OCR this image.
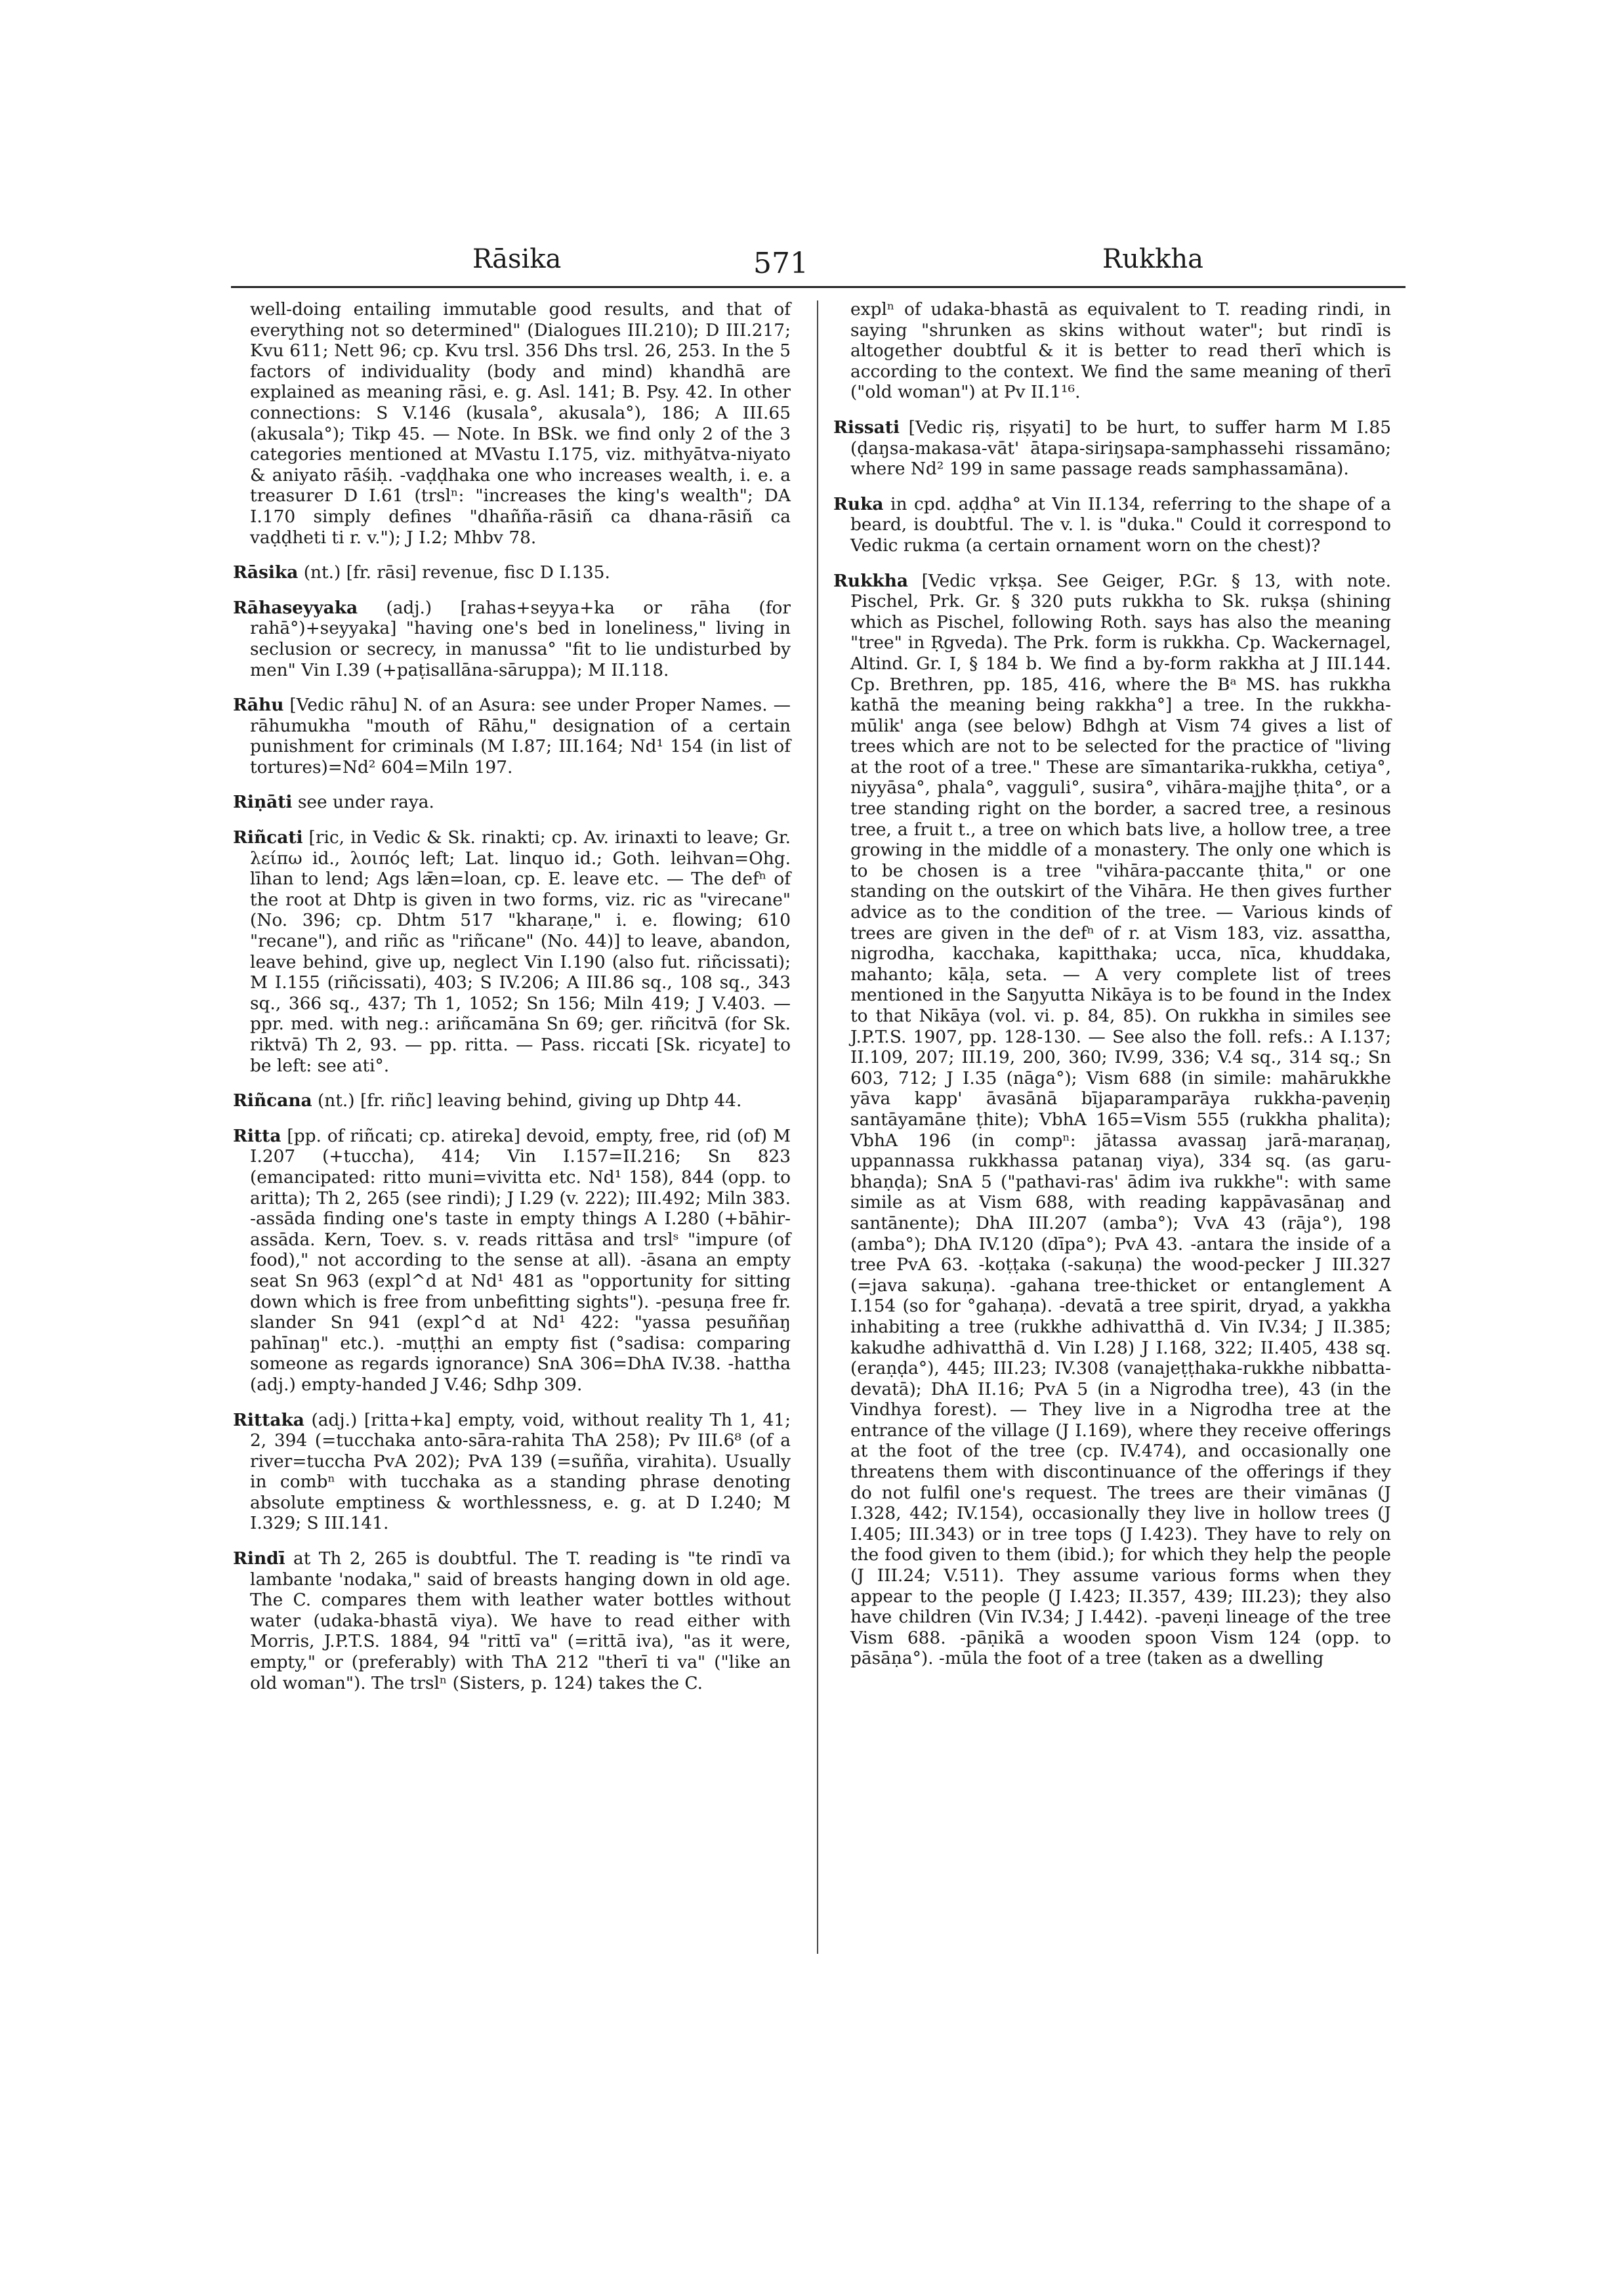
Rāsika	571	Rukkha

well-doing entailing immutable good results, and that of everything not so determined" (Dialogues III.210); D III.217; Kvu 611; Nett 96; cp. Kvu trsl. 356 Dhs trsl. 26, 253. In the 5 factors of individuality (body and mind) khandhā are explained as meaning rāsi, e. g. Asl. 141; B. Psy. 42. In other connections: S V.146 (kusala°, akusala°), 186; A III.65 (akusala°); Tikp 45. — Note. In BSk. we find only 2 of the 3 categories mentioned at MVastu I.175, viz. mithyātva-niyato & aniyato rāśiḥ. -vaḍḍhaka one who increases wealth, i. e. a treasurer D I.61 (trslⁿ: "increases the king's wealth"; DA I.170 simply defines "dhañña-rāsiñ ca dhana-rāsiñ ca vaḍḍheti ti r. v."); J I.2; Mhbv 78.

Rāsika (nt.) [fr. rāsi] revenue, fisc D I.135.

Rāhaseyyaka (adj.) [rahas+seyya+ka or rāha (for rahā°)+seyyaka] "having one's bed in loneliness," living in seclusion or secrecy, in manussa° "fit to lie undisturbed by men" Vin I.39 (+paṭisallāna-sāruppa); M II.118.

Rāhu [Vedic rāhu] N. of an Asura: see under Proper Names. —rāhumukha "mouth of Rāhu," designation of a certain punishment for criminals (M I.87; III.164; Nd¹ 154 (in list of tortures)=Nd² 604=Miln 197.

Riṇāti see under raya.

Riñcati [ric, in Vedic & Sk. rinakti; cp. Av. irinaxti to leave; Gr. λείπω id., λοιπός left; Lat. linquo id.; Goth. leihvan=Ohg. līhan to lend; Ags lǣn=loan, cp. E. leave etc. — The defⁿ of the root at Dhtp is given in two forms, viz. ric as "virecane" (No. 396; cp. Dhtm 517 "kharaṇe," i. e. flowing; 610 "recane"), and riñc as "riñcane" (No. 44)] to leave, abandon, leave behind, give up, neglect Vin I.190 (also fut. riñcissati); M I.155 (riñcissati), 403; S IV.206; A III.86 sq., 108 sq., 343 sq., 366 sq., 437; Th 1, 1052; Sn 156; Miln 419; J V.403. — ppr. med. with neg.: ariñcamāna Sn 69; ger. riñcitvā (for Sk. riktvā) Th 2, 93. — pp. ritta. — Pass. riccati [Sk. ricyate] to be left: see ati°.

Riñcana (nt.) [fr. riñc] leaving behind, giving up Dhtp 44.

Ritta [pp. of riñcati; cp. atireka] devoid, empty, free, rid (of) M I.207 (+tuccha), 414; Vin I.157=II.216; Sn 823 (emancipated: ritto muni=vivitta etc. Nd¹ 158), 844 (opp. to aritta); Th 2, 265 (see rindi); J I.29 (v. 222); III.492; Miln 383. -assāda finding one's taste in empty things A I.280 (+bāhir-assāda. Kern, Toev. s. v. reads rittāsa and trslˢ "impure (of food)," not according to the sense at all). -āsana an empty seat Sn 963 (expl^d at Nd¹ 481 as "opportunity for sitting down which is free from unbefitting sights"). -pesuṇa free fr. slander Sn 941 (expl^d at Nd¹ 422: "yassa pesuññaŋ pahīnaŋ" etc.). -muṭṭhi an empty fist (°sadisa: comparing someone as regards ignorance) SnA 306=DhA IV.38. -hattha (adj.) empty-handed J V.46; Sdhp 309.

Rittaka (adj.) [ritta+ka] empty, void, without reality Th 1, 41; 2, 394 (=tucchaka anto-sāra-rahita ThA 258); Pv III.6⁸ (of a river=tuccha PvA 202); PvA 139 (=suñña, virahita). Usually in combⁿ with tucchaka as a standing phrase denoting absolute emptiness & worthlessness, e. g. at D I.240; M I.329; S III.141.

Rindī at Th 2, 265 is doubtful. The T. reading is "te rindī va lambante 'nodaka," said of breasts hanging down in old age. The C. compares them with leather water bottles without water (udaka-bhastā viya). We have to read either with Morris, J.P.T.S. 1884, 94 "rittī va" (=rittā iva), "as it were, empty," or (preferably) with ThA 212 "therī ti va" ("like an old woman"). The trslⁿ (Sisters, p. 124) takes the C.

explⁿ of udaka-bhastā as equivalent to T. reading rindi, in saying "shrunken as skins without water"; but rindī is altogether doubtful & it is better to read therī which is according to the context. We find the same meaning of therī ("old woman") at Pv II.1¹⁶.

Rissati [Vedic riṣ, riṣyati] to be hurt, to suffer harm M I.85 (ḍaŋsa-makasa-vāt' ātapa-siriŋsapa-samphassehi rissamāno; where Nd² 199 in same passage reads samphassamāna).

Ruka in cpd. aḍḍha° at Vin II.134, referring to the shape of a beard, is doubtful. The v. l. is "duka." Could it correspond to Vedic rukma (a certain ornament worn on the chest)?

Rukkha [Vedic vṛkṣa. See Geiger, P.Gr. § 13, with note. Pischel, Prk. Gr. § 320 puts rukkha to Sk. rukṣa (shining which as Pischel, following Roth. says has also the meaning "tree" in Ṛgveda). The Prk. form is rukkha. Cp. Wackernagel, Altind. Gr. I, § 184 b. We find a by-form rakkha at J III.144. Cp. Brethren, pp. 185, 416, where the Bᵃ MS. has rukkha kathā the meaning being rakkha°] a tree. In the rukkha-mūlik' anga (see below) Bdhgh at Vism 74 gives a list of trees which are not to be selected for the practice of "living at the root of a tree." These are sīmantarika-rukkha, cetiya°, niyyāsa°, phala°, vagguli°, susira°, vihāra-majjhe ṭhita°, or a tree standing right on the border, a sacred tree, a resinous tree, a fruit t., a tree on which bats live, a hollow tree, a tree growing in the middle of a monastery. The only one which is to be chosen is a tree "vihāra-paccante ṭhita," or one standing on the outskirt of the Vihāra. He then gives further advice as to the condition of the tree. — Various kinds of trees are given in the defⁿ of r. at Vism 183, viz. assattha, nigrodha, kacchaka, kapitthaka; ucca, nīca, khuddaka, mahanto; kāḷa, seta. — A very complete list of trees mentioned in the Saŋyutta Nikāya is to be found in the Index to that Nikāya (vol. vi. p. 84, 85). On rukkha in similes see J.P.T.S. 1907, pp. 128-130. — See also the foll. refs.: A I.137; II.109, 207; III.19, 200, 360; IV.99, 336; V.4 sq., 314 sq.; Sn 603, 712; J I.35 (nāga°); Vism 688 (in simile: mahārukkhe yāva kapp' āvasānā bījaparamparāya rukkha-paveṇiŋ santāyamāne ṭhite); VbhA 165=Vism 555 (rukkha phalita); VbhA 196 (in compⁿ: jātassa avassaŋ jarā-maraṇaŋ, uppannassa rukkhassa patanaŋ viya), 334 sq. (as garu-bhaṇḍa); SnA 5 ("pathavi-ras' ādim iva rukkhe": with same simile as at Vism 688, with reading kappāvasānaŋ and santānente); DhA III.207 (amba°); VvA 43 (rāja°), 198 (amba°); DhA IV.120 (dīpa°); PvA 43. -antara the inside of a tree PvA 63. -koṭṭaka (-sakuṇa) the wood-pecker J III.327 (=java sakuṇa). -gahana tree-thicket or entanglement A I.154 (so for °gahaṇa). -devatā a tree spirit, dryad, a yakkha inhabiting a tree (rukkhe adhivatthā d. Vin IV.34; J II.385; kakudhe adhivatthā d. Vin I.28) J I.168, 322; II.405, 438 sq. (eraṇḍa°), 445; III.23; IV.308 (vanajeṭṭhaka-rukkhe nibbatta-devatā); DhA II.16; PvA 5 (in a Nigrodha tree), 43 (in the Vindhya forest). — They live in a Nigrodha tree at the entrance of the village (J I.169), where they receive offerings at the foot of the tree (cp. IV.474), and occasionally one threatens them with discontinuance of the offerings if they do not fulfil one's request. The trees are their vimānas (J I.328, 442; IV.154), occasionally they live in hollow trees (J I.405; III.343) or in tree tops (J I.423). They have to rely on the food given to them (ibid.); for which they help the people (J III.24; V.511). They assume various forms when they appear to the people (J I.423; II.357, 439; III.23); they also have children (Vin IV.34; J I.442). -paveṇi lineage of the tree Vism 688. -pāṇikā a wooden spoon Vism 124 (opp. to pāsāṇa°). -mūla the foot of a tree (taken as a dwelling
